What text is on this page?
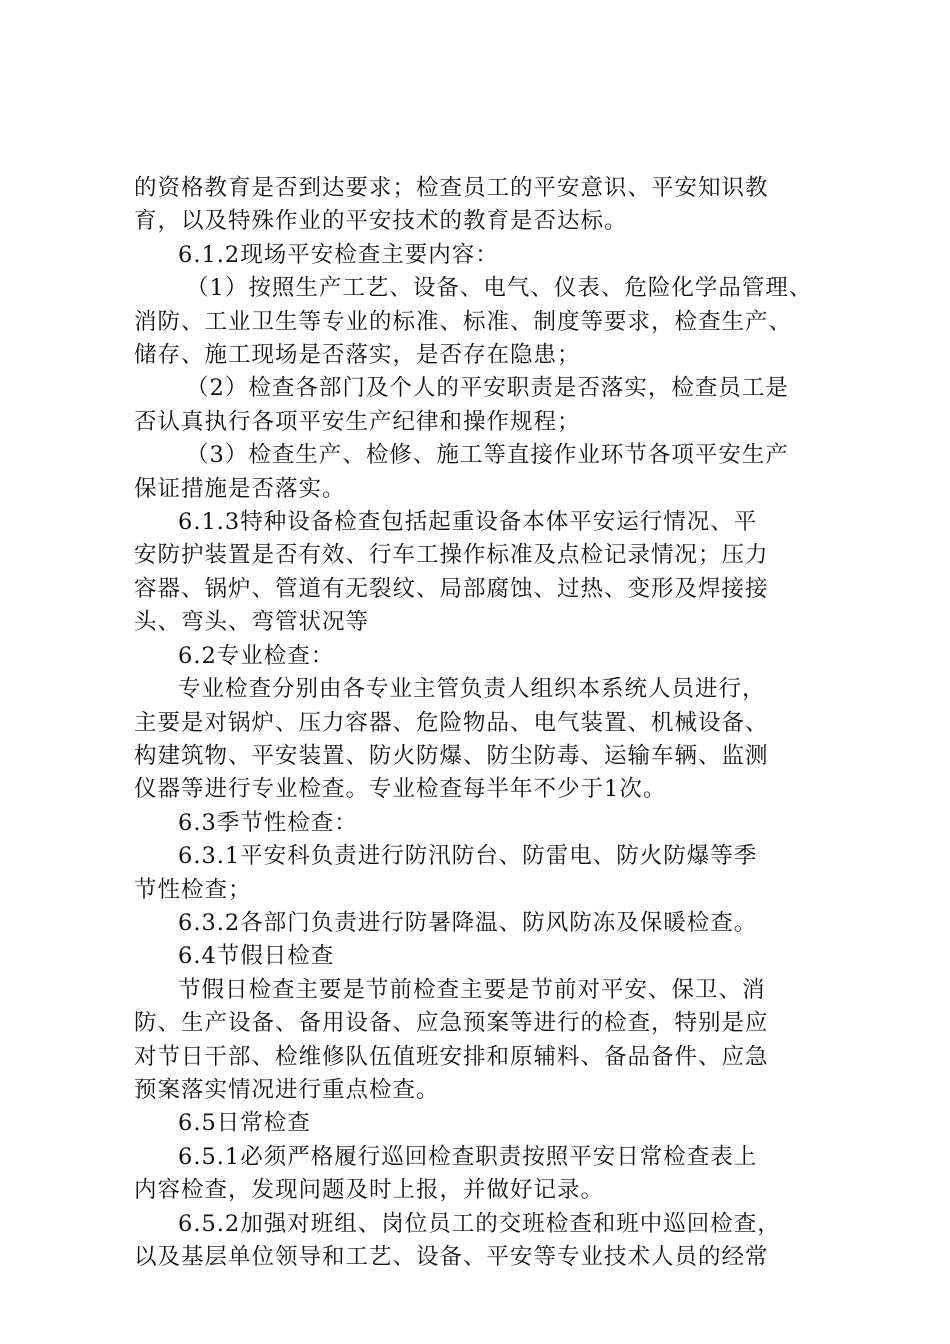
的资格教育是否到达要求；检查员工的平安意识、平安知识教
育，以及特殊作业的平安技术的教育是否达标。

6.1.2现场平安检查主要内容：

（1）按照生产工艺、设备、电气、仪表、危险化学品管理、
消防、工业卫生等专业的标准、标准、制度等要求，检查生产、
储存、施工现场是否落实，是否存在隐患；

（2）检查各部门及个人的平安职责是否落实，检查员工是
否认真执行各项平安生产纪律和操作规程；

（3）检查生产、检修、施工等直接作业环节各项平安生产
保证措施是否落实。

6.1.3特种设备检查包括起重设备本体平安运行情况、平
安防护装置是否有效、行车工操作标准及点检记录情况；压力
容器、锅炉、管道有无裂纹、局部腐蚀、过热、变形及焊接接
头、弯头、弯管状况等

6.2专业检查：

专业检查分别由各专业主管负责人组织本系统人员进行，
主要是对锅炉、压力容器、危险物品、电气装置、机械设备、
构建筑物、平安装置、防火防爆、防尘防毒、运输车辆、监测
仪器等进行专业检查。专业检查每半年不少于1次。

6.3季节性检查：

6.3.1平安科负责进行防汛防台、防雷电、防火防爆等季
节性检查；

6.3.2各部门负责进行防暑降温、防风防冻及保暖检查。

6.4节假日检查

节假日检查主要是节前检查主要是节前对平安、保卫、消
防、生产设备、备用设备、应急预案等进行的检查，特别是应
对节日干部、检维修队伍值班安排和原辅料、备品备件、应急
预案落实情况进行重点检查。

6.5日常检查

6.5.1必须严格履行巡回检查职责按照平安日常检查表上
内容检查，发现问题及时上报，并做好记录。

6.5.2加强对班组、岗位员工的交班检查和班中巡回检查，
以及基层单位领导和工艺、设备、平安等专业技术人员的经常
